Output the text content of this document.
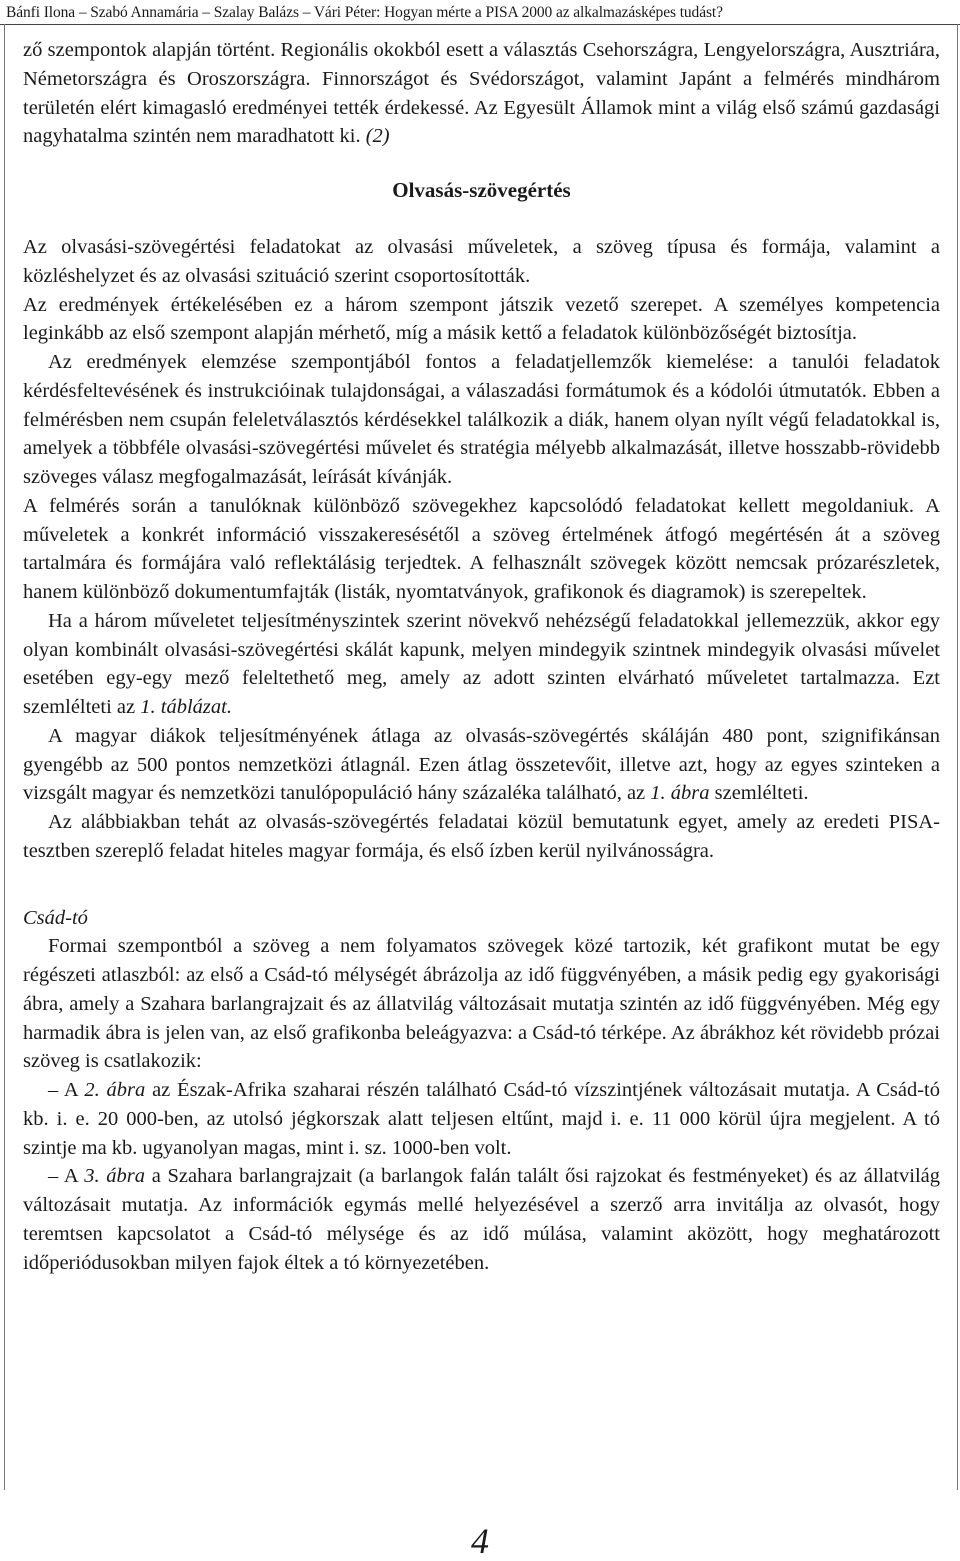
Bánfi Ilona – Szabó Annamária – Szalay Balázs – Vári Péter: Hogyan mérte a PISA 2000 az alkalmazásképes tudást?

ző szempontok alapján történt. Regionális okokból esett a választás Csehországra, Lengyelországra, Ausztriára, Németországra és Oroszországra. Finnországot és Svédországot, valamint Japánt a felmérés mindhárom területén elért kimagasló eredményei tették érdekessé. Az Egyesült Államok mint a világ első számú gazdasági nagyhatalma szintén nem maradhatott ki. (2)

Olvasás-szövegértés

Az olvasási-szövegértési feladatokat az olvasási műveletek, a szöveg típusa és formája, valamint a közléshelyzet és az olvasási szituáció szerint csoportosították.

Az eredmények értékelésében ez a három szempont játszik vezető szerepet. A személyes kompetencia leginkább az első szempont alapján mérhető, míg a másik kettő a feladatok különbözőségét biztosítja.

Az eredmények elemzése szempontjából fontos a feladatjellemzők kiemelése: a tanulói feladatok kérdésfeltevésének és instrukcióinak tulajdonságai, a válaszadási formátumok és a kódolói útmutatók. Ebben a felmérésben nem csupán feleletválasztós kérdésekkel találkozik a diák, hanem olyan nyílt végű feladatokkal is, amelyek a többféle olvasási-szövegértési művelet és stratégia mélyebb alkalmazását, illetve hosszabb-rövidebb szöveges válasz megfogalmazását, leírását kívánják.

A felmérés során a tanulóknak különböző szövegekhez kapcsolódó feladatokat kellett megoldaniuk. A műveletek a konkrét információ visszakeresésétől a szöveg értelmének átfogó megértésén át a szöveg tartalmára és formájára való reflektálásig terjedtek. A felhasznált szövegek között nemcsak prózarészletek, hanem különböző dokumentumfajták (listák, nyomtatványok, grafikonok és diagramok) is szerepeltek.

Ha a három műveletet teljesítményszintek szerint növekvő nehézségű feladatokkal jellemezzük, akkor egy olyan kombinált olvasási-szövegértési skálát kapunk, melyen mindegyik szintnek mindegyik olvasási művelet esetében egy-egy mező feleltethető meg, amely az adott szinten elvárható műveletet tartalmazza. Ezt szemlélteti az 1. táblázat.

A magyar diákok teljesítményének átlaga az olvasás-szövegértés skáláján 480 pont, szignifikánsan gyengébb az 500 pontos nemzetközi átlagnál. Ezen átlag összetevőit, illetve azt, hogy az egyes szinteken a vizsgált magyar és nemzetközi tanulópopuláció hány százaléka található, az 1. ábra szemlélteti.

Az alábbiakban tehát az olvasás-szövegértés feladatai közül bemutatunk egyet, amely az eredeti PISA-tesztben szereplő feladat hiteles magyar formája, és első ízben kerül nyilvánosságra.

Csád-tó

Formai szempontból a szöveg a nem folyamatos szövegek közé tartozik, két grafikont mutat be egy régészeti atlaszból: az első a Csád-tó mélységét ábrázolja az idő függvényében, a másik pedig egy gyakorisági ábra, amely a Szahara barlangrajzait és az állatvilág változásait mutatja szintén az idő függvényében. Még egy harmadik ábra is jelen van, az első grafikonba beleágyazva: a Csád-tó térképe. Az ábrákhoz két rövidebb prózai szöveg is csatlakozik:

– A 2. ábra az Észak-Afrika szaharai részén található Csád-tó vízszintjének változásait mutatja. A Csád-tó kb. i. e. 20 000-ben, az utolsó jégkorszak alatt teljesen eltűnt, majd i. e. 11 000 körül újra megjelent. A tó szintje ma kb. ugyanolyan magas, mint i. sz. 1000-ben volt.

– A 3. ábra a Szahara barlangrajzait (a barlangok falán talált ősi rajzokat és festményeket) és az állatvilág változásait mutatja. Az információk egymás mellé helyezésével a szerző arra invitálja az olvasót, hogy teremtsen kapcsolatot a Csád-tó mélysége és az idő múlása, valamint aközött, hogy meghatározott időperiódusokban milyen fajok éltek a tó környezetében.

4
